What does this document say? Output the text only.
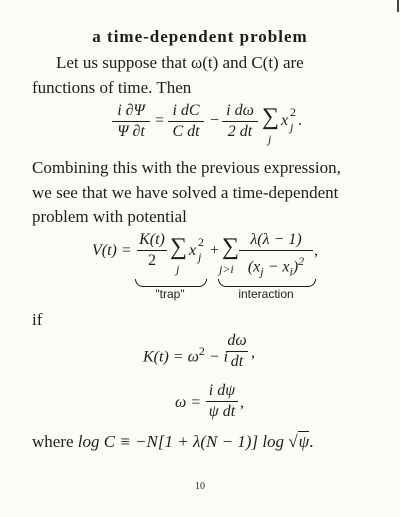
a time-dependent problem
Let us suppose that ω(t) and C(t) are
functions of time. Then
i ∂Ψ
Ψ ∂t
=
i dC
C dt
−
i dω
2 dt
∑
j
x 2
j .
Combining this with the previous expression,
we see that we have solved a time-dependent
problem with potential
V(t) =
K(t)
2
∑
j
x 2
j + ∑
j>i
λ(λ − 1)
$(x_j - x_i)^2$
,
"trap"	interaction
if
$K(t) = \omega^2 - i$
dω
dt
,
ω =
i dψ
ψ dt
,
where log C ≡ −N[1 + λ(N − 1)] log √ψ.
10
